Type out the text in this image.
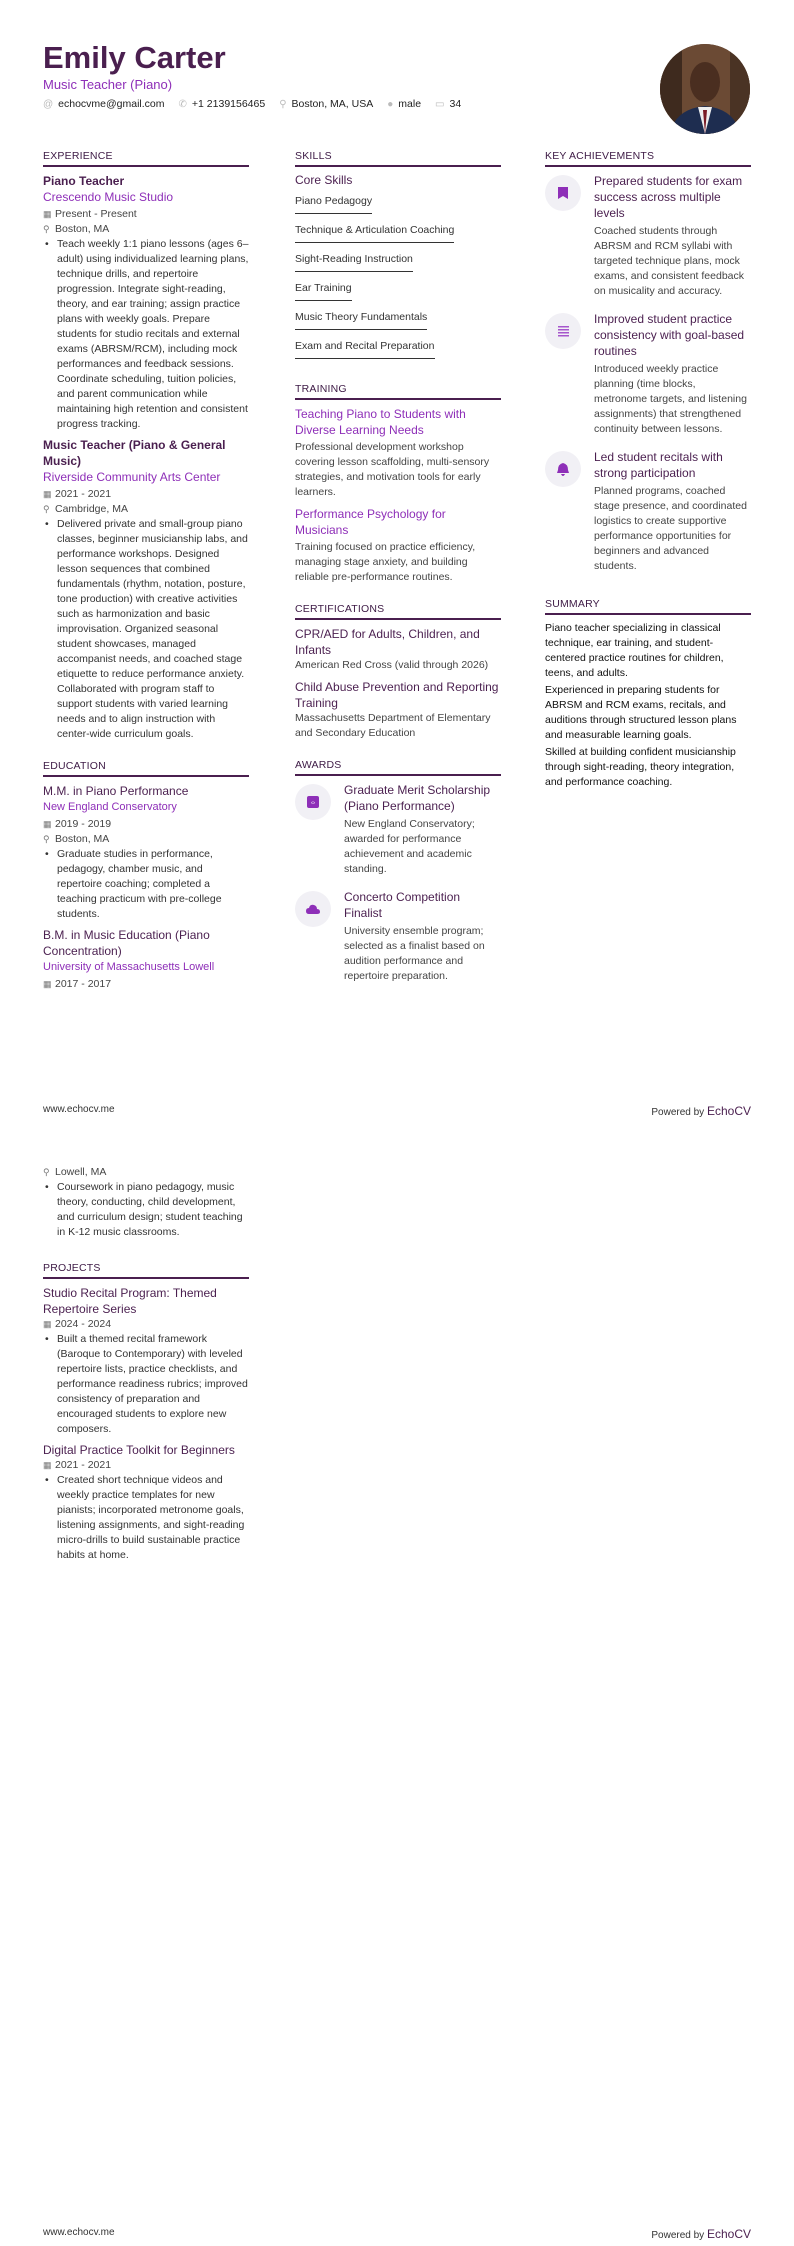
Emily Carter
Music Teacher (Piano)
@ echocvme@gmail.com ✆ +1 2139156465 ⚲ Boston, MA, USA ● male ▭ 34
EXPERIENCE
Piano Teacher
Crescendo Music Studio
▦ Present - Present
⚲ Boston, MA
• Teach weekly 1:1 piano lessons (ages 6–adult) using individualized learning plans, technique drills, and repertoire progression. Integrate sight-reading, theory, and ear training; assign practice plans with weekly goals. Prepare students for studio recitals and external exams (ABRSM/RCM), including mock performances and feedback sessions. Coordinate scheduling, tuition policies, and parent communication while maintaining high retention and consistent progress tracking.
Music Teacher (Piano & General Music)
Riverside Community Arts Center
▦ 2021 - 2021
⚲ Cambridge, MA
• Delivered private and small-group piano classes, beginner musicianship labs, and performance workshops. Designed lesson sequences that combined fundamentals (rhythm, notation, posture, tone production) with creative activities such as harmonization and basic improvisation. Organized seasonal student showcases, managed accompanist needs, and coached stage etiquette to reduce performance anxiety. Collaborated with program staff to support students with varied learning needs and to align instruction with center-wide curriculum goals.
EDUCATION
M.M. in Piano Performance
New England Conservatory
▦ 2019 - 2019
⚲ Boston, MA
• Graduate studies in performance, pedagogy, chamber music, and repertoire coaching; completed a teaching practicum with pre-college students.
B.M. in Music Education (Piano Concentration)
University of Massachusetts Lowell
▦ 2017 - 2017
SKILLS
Core Skills
Piano Pedagogy
Technique & Articulation Coaching
Sight-Reading Instruction
Ear Training
Music Theory Fundamentals
Exam and Recital Preparation
TRAINING
Teaching Piano to Students with Diverse Learning Needs
Professional development workshop covering lesson scaffolding, multi-sensory strategies, and motivation tools for early learners.
Performance Psychology for Musicians
Training focused on practice efficiency, managing stage anxiety, and building reliable pre-performance routines.
CERTIFICATIONS
CPR/AED for Adults, Children, and Infants
American Red Cross (valid through 2026)
Child Abuse Prevention and Reporting Training
Massachusetts Department of Elementary and Secondary Education
AWARDS
‹›
Graduate Merit Scholarship (Piano Performance)
New England Conservatory; awarded for performance achievement and academic standing.
Concerto Competition Finalist
University ensemble program; selected as a finalist based on audition performance and repertoire preparation.
KEY ACHIEVEMENTS
Prepared students for exam success across multiple levels
Coached students through ABRSM and RCM syllabi with targeted technique plans, mock exams, and consistent feedback on musicality and accuracy.
Improved student practice consistency with goal-based routines
Introduced weekly practice planning (time blocks, metronome targets, and listening assignments) that strengthened continuity between lessons.
Led student recitals with strong participation
Planned programs, coached stage presence, and coordinated logistics to create supportive performance opportunities for beginners and advanced students.
SUMMARY
Piano teacher specializing in classical technique, ear training, and student-centered practice routines for children, teens, and adults.
Experienced in preparing students for ABRSM and RCM exams, recitals, and auditions through structured lesson plans and measurable learning goals.
Skilled at building confident musicianship through sight-reading, theory integration, and performance coaching.
www.echocv.me	Powered by EchoCV
⚲ Lowell, MA
• Coursework in piano pedagogy, music theory, conducting, child development, and curriculum design; student teaching in K-12 music classrooms.
PROJECTS
Studio Recital Program: Themed Repertoire Series
▦ 2024 - 2024
• Built a themed recital framework (Baroque to Contemporary) with leveled repertoire lists, practice checklists, and performance readiness rubrics; improved consistency of preparation and encouraged students to explore new composers.
Digital Practice Toolkit for Beginners
▦ 2021 - 2021
• Created short technique videos and weekly practice templates for new pianists; incorporated metronome goals, listening assignments, and sight-reading micro-drills to build sustainable practice habits at home.
www.echocv.me	Powered by EchoCV
